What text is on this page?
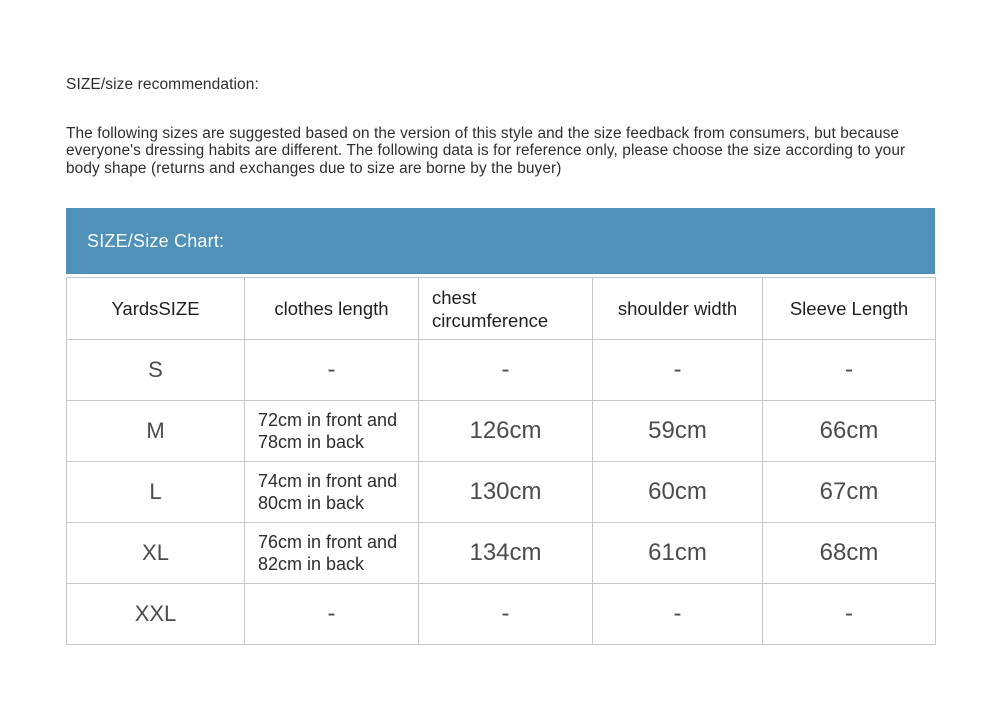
SIZE/size recommendation:
The following sizes are suggested based on the version of this style and the size feedback from consumers, but because everyone's dressing habits are different. The following data is for reference only, please choose the size according to your body shape (returns and exchanges due to size are borne by the buyer)
SIZE/Size Chart:
YardsSIZE	clothes length	chest circumference	shoulder width	Sleeve Length
S	-	-	-	-
M	72cm in front and 78cm in back	126cm	59cm	66cm
L	74cm in front and 80cm in back	130cm	60cm	67cm
XL	76cm in front and 82cm in back	134cm	61cm	68cm
XXL	-	-	-	-
